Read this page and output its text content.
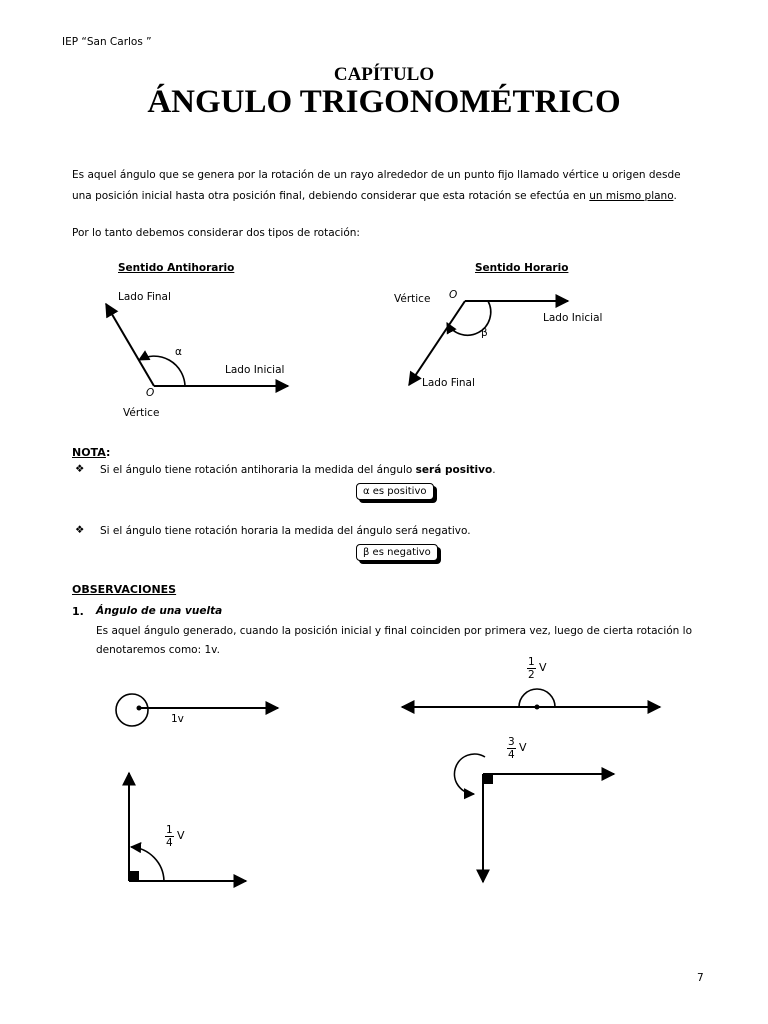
IEP “San Carlos ”
CAPÍTULO
ÁNGULO TRIGONOMÉTRICO
Es aquel ángulo que se genera por la rotación de un rayo alrededor de un punto fijo llamado vértice u origen desde
una posición inicial hasta otra posición final, debiendo considerar que esta rotación se efectúa en un mismo plano.
Por lo tanto debemos considerar dos tipos de rotación:
Sentido Antihorario
Lado Final
Lado Inicial
O
Vértice
α
Sentido Horario
Vértice O
Lado Inicial
Lado Final
β
NOTA:
❖ Si el ángulo tiene rotación antihoraria la medida del ángulo será positivo.
α es positivo
❖ Si el ángulo tiene rotación horaria la medida del ángulo será negativo.
β es negativo
OBSERVACIONES
1. Ángulo de una vuelta
Es aquel ángulo generado, cuando la posición inicial y final coinciden por primera vez, luego de cierta rotación lo
denotaremos como: 1v.
1v
$\frac{1}{2}$ V
$\frac{3}{4}$ V
$\frac{1}{4}$ V
7
